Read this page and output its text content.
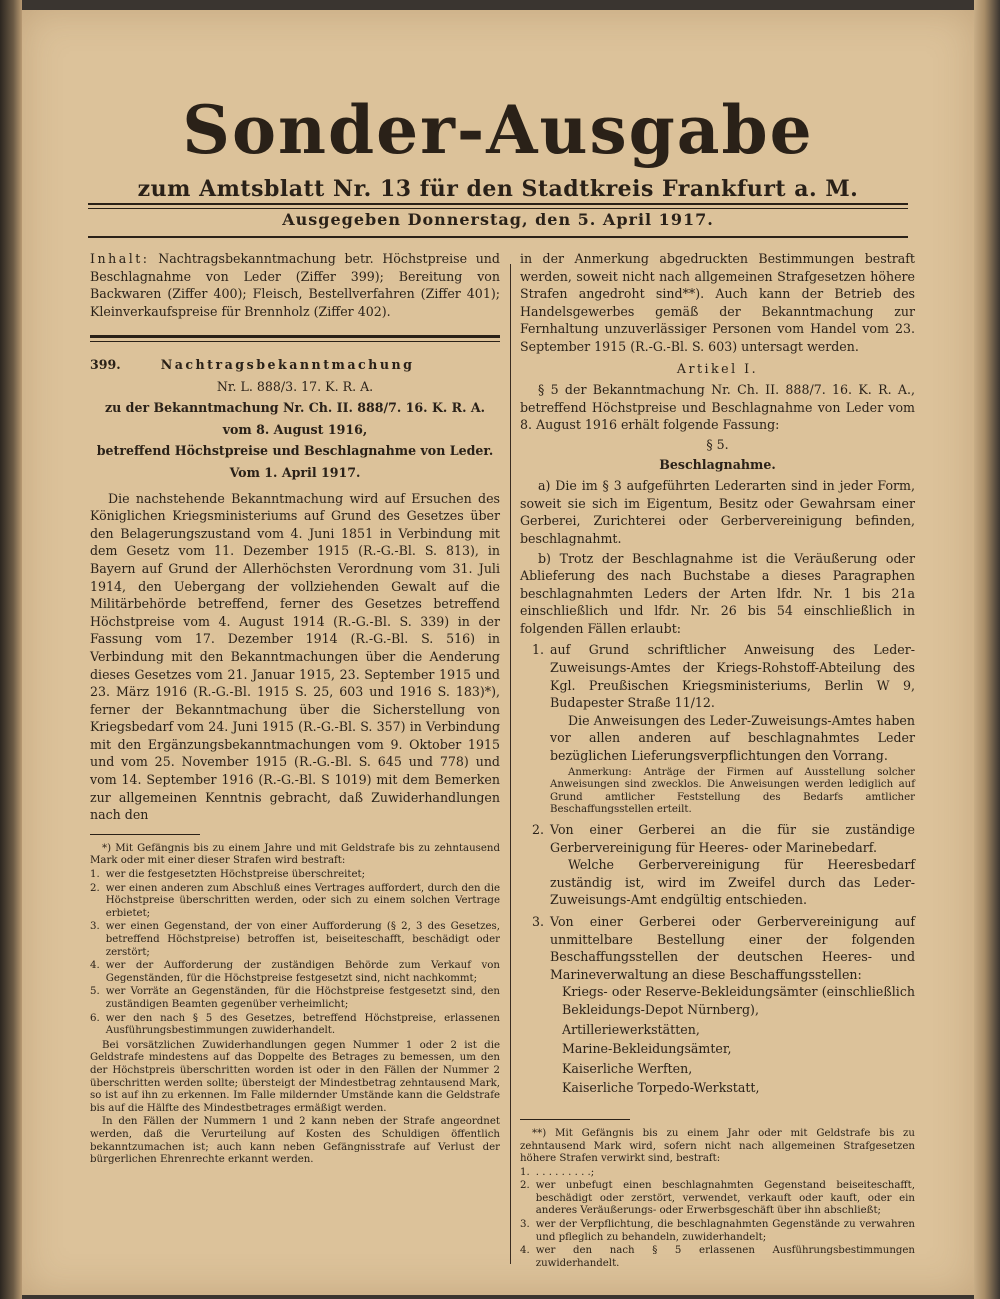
Sonder-Ausgabe
zum Amtsblatt Nr. 13 für den Stadtkreis Frankfurt a. M.
Ausgegeben Donnerstag, den 5. April 1917.

Inhalt: Nachtragsbekanntmachung betr. Höchstpreise und Beschlagnahme von Leder (Ziffer 399); Bereitung von Backwaren (Ziffer 400); Fleisch, Bestellverfahren (Ziffer 401); Kleinverkaufspreise für Brennholz (Ziffer 402).

399.	Nachtragsbekanntmachung

Nr. L. 888/3. 17. K. R. A.

zu der Bekanntmachung Nr. Ch. II. 888/7. 16. K. R. A.

vom 8. August 1916,

betreffend Höchstpreise und Beschlagnahme von Leder.

Vom 1. April 1917.

Die nachstehende Bekanntmachung wird auf Ersuchen des Königlichen Kriegsministeriums auf Grund des Gesetzes über den Belagerungszustand vom 4. Juni 1851 in Verbindung mit dem Gesetz vom 11. Dezember 1915 (R.-G.-Bl. S. 813), in Bayern auf Grund der Allerhöchsten Verordnung vom 31. Juli 1914, den Uebergang der vollziehenden Gewalt auf die Militärbehörde betreffend, ferner des Gesetzes betreffend Höchstpreise vom 4. August 1914 (R.-G.-Bl. S. 339) in der Fassung vom 17. Dezember 1914 (R.-G.-Bl. S. 516) in Verbindung mit den Bekanntmachungen über die Aenderung dieses Gesetzes vom 21. Januar 1915, 23. September 1915 und 23. März 1916 (R.-G.-Bl. 1915 S. 25, 603 und 1916 S. 183)*), ferner der Bekanntmachung über die Sicherstellung von Kriegsbedarf vom 24. Juni 1915 (R.-G.-Bl. S. 357) in Verbindung mit den Ergänzungsbekanntmachungen vom 9. Oktober 1915 und vom 25. November 1915 (R.-G.-Bl. S. 645 und 778) und vom 14. September 1916 (R.-G.-Bl. S 1019) mit dem Bemerken zur allgemeinen Kenntnis gebracht, daß Zuwiderhandlungen nach den

*) Mit Gefängnis bis zu einem Jahre und mit Geldstrafe bis zu zehntausend Mark oder mit einer dieser Strafen wird bestraft:

1. wer die festgesetzten Höchstpreise überschreitet;
2. wer einen anderen zum Abschluß eines Vertrages auffordert, durch den die Höchstpreise überschritten werden, oder sich zu einem solchen Vertrage erbietet;
3. wer einen Gegenstand, der von einer Aufforderung (§ 2, 3 des Gesetzes, betreffend Höchstpreise) betroffen ist, beiseiteschafft, beschädigt oder zerstört;
4. wer der Aufforderung der zuständigen Behörde zum Verkauf von Gegenständen, für die Höchstpreise festgesetzt sind, nicht nachkommt;
5. wer Vorräte an Gegenständen, für die Höchstpreise festgesetzt sind, den zuständigen Beamten gegenüber verheimlicht;
6. wer den nach § 5 des Gesetzes, betreffend Höchstpreise, erlassenen Ausführungsbestimmungen zuwiderhandelt.

Bei vorsätzlichen Zuwiderhandlungen gegen Nummer 1 oder 2 ist die Geldstrafe mindestens auf das Doppelte des Betrages zu bemessen, um den der Höchstpreis überschritten worden ist oder in den Fällen der Nummer 2 überschritten werden sollte; übersteigt der Mindestbetrag zehntausend Mark, so ist auf ihn zu erkennen. Im Falle mildernder Umstände kann die Geldstrafe bis auf die Hälfte des Mindestbetrages ermäßigt werden.

In den Fällen der Nummern 1 und 2 kann neben der Strafe angeordnet werden, daß die Verurteilung auf Kosten des Schuldigen öffentlich bekanntzumachen ist; auch kann neben Gefängnisstrafe auf Verlust der bürgerlichen Ehrenrechte erkannt werden.

in der Anmerkung abgedruckten Bestimmungen bestraft werden, soweit nicht nach allgemeinen Strafgesetzen höhere Strafen angedroht sind**). Auch kann der Betrieb des Handelsgewerbes gemäß der Bekanntmachung zur Fernhaltung unzuverlässiger Personen vom Handel vom 23. September 1915 (R.-G.-Bl. S. 603) untersagt werden.

Artikel I.

§ 5 der Bekanntmachung Nr. Ch. II. 888/7. 16. K. R. A., betreffend Höchstpreise und Beschlagnahme von Leder vom 8. August 1916 erhält folgende Fassung:

§ 5.

Beschlagnahme.

a) Die im § 3 aufgeführten Lederarten sind in jeder Form, soweit sie sich im Eigentum, Besitz oder Gewahrsam einer Gerberei, Zurichterei oder Gerbervereinigung befinden, beschlagnahmt.

b) Trotz der Beschlagnahme ist die Veräußerung oder Ablieferung des nach Buchstabe a dieses Paragraphen beschlagnahmten Leders der Arten lfdr. Nr. 1 bis 21a einschließlich und lfdr. Nr. 26 bis 54 einschließlich in folgenden Fällen erlaubt:

1. auf Grund schriftlicher Anweisung des Leder-Zuweisungs-Amtes der Kriegs-Rohstoff-Abteilung des Kgl. Preußischen Kriegsministeriums, Berlin W 9, Budapester Straße 11/12.

Die Anweisungen des Leder-Zuweisungs-Amtes haben vor allen anderen auf beschlagnahmtes Leder bezüglichen Lieferungsverpflichtungen den Vorrang.

Anmerkung: Anträge der Firmen auf Ausstellung solcher Anweisungen sind zwecklos. Die Anweisungen werden lediglich auf Grund amtlicher Feststellung des Bedarfs amtlicher Beschaffungsstellen erteilt.

2. Von einer Gerberei an die für sie zuständige Gerbervereinigung für Heeres- oder Marinebedarf.

Welche Gerbervereinigung für Heeresbedarf zuständig ist, wird im Zweifel durch das Leder-Zuweisungs-Amt endgültig entschieden.

3. Von einer Gerberei oder Gerbervereinigung auf unmittelbare Bestellung einer der folgenden Beschaffungsstellen der deutschen Heeres- und Marineverwaltung an diese Beschaffungsstellen:

Kriegs- oder Reserve-Bekleidungsämter (einschließlich Bekleidungs-Depot Nürnberg),

Artilleriewerkstätten,

Marine-Bekleidungsämter,

Kaiserliche Werften,

Kaiserliche Torpedo-Werkstatt,

**) Mit Gefängnis bis zu einem Jahr oder mit Geldstrafe bis zu zehntausend Mark wird, sofern nicht nach allgemeinen Strafgesetzen höhere Strafen verwirkt sind, bestraft:

1. . . . . . . . . .;
2. wer unbefugt einen beschlagnahmten Gegenstand beiseiteschafft, beschädigt oder zerstört, verwendet, verkauft oder kauft, oder ein anderes Veräußerungs- oder Erwerbsgeschäft über ihn abschließt;
3. wer der Verpflichtung, die beschlagnahmten Gegenstände zu verwahren und pfleglich zu behandeln, zuwiderhandelt;
4. wer den nach § 5 erlassenen Ausführungsbestimmungen zuwiderhandelt.
